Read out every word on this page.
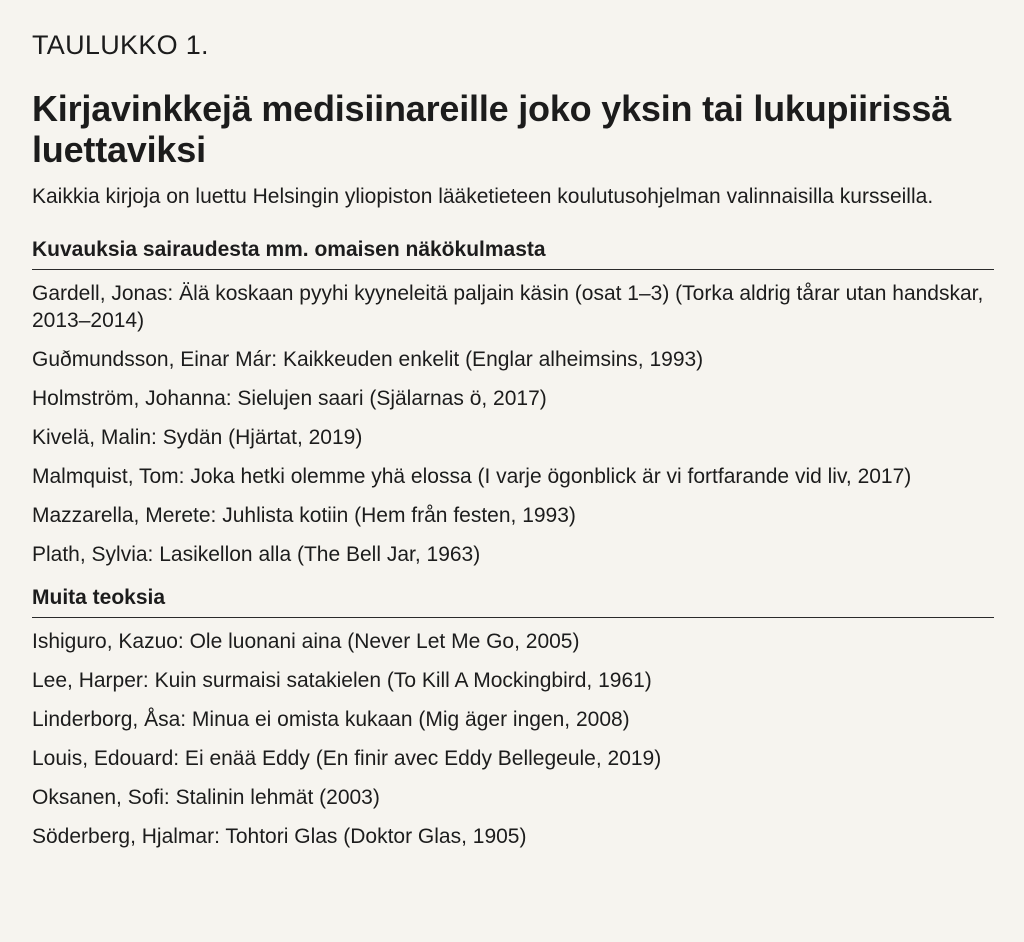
TAULUKKO 1.
Kirjavinkkejä medisiinareille joko yksin tai lukupiirissä luettaviksi

Kaikkia kirjoja on luettu Helsingin yliopiston lääketieteen koulutusohjelman valinnaisilla kursseilla.

Kuvauksia sairaudesta mm. omaisen näkökulmasta
Gardell, Jonas: Älä koskaan pyyhi kyyneleitä paljain käsin (osat 1–3) (Torka aldrig tårar utan handskar, 2013–2014)
Guðmundsson, Einar Már: Kaikkeuden enkelit (Englar alheimsins, 1993)
Holmström, Johanna: Sielujen saari (Själarnas ö, 2017)
Kivelä, Malin: Sydän (Hjärtat, 2019)
Malmquist, Tom: Joka hetki olemme yhä elossa (I varje ögonblick är vi fortfarande vid liv, 2017)
Mazzarella, Merete: Juhlista kotiin (Hem från festen, 1993)
Plath, Sylvia: Lasikellon alla (The Bell Jar, 1963)
Muita teoksia
Ishiguro, Kazuo: Ole luonani aina (Never Let Me Go, 2005)
Lee, Harper: Kuin surmaisi satakielen (To Kill A Mockingbird, 1961)
Linderborg, Åsa: Minua ei omista kukaan (Mig äger ingen, 2008)
Louis, Edouard: Ei enää Eddy (En finir avec Eddy Bellegeule, 2019)
Oksanen, Sofi: Stalinin lehmät (2003)
Söderberg, Hjalmar: Tohtori Glas (Doktor Glas, 1905)
